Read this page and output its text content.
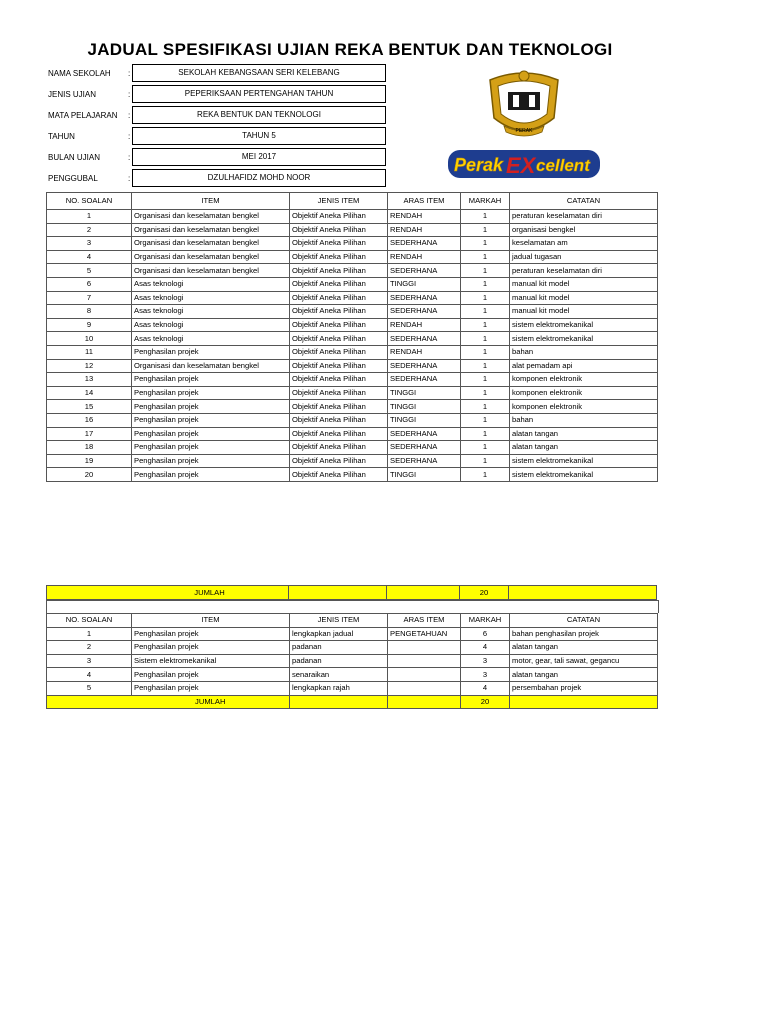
JADUAL SPESIFIKASI UJIAN REKA BENTUK DAN TEKNOLOGI
NAMA SEKOLAH	:	SEKOLAH KEBANGSAAN SERI KELEBANG
JENIS UJIAN	:	PEPERIKSAAN PERTENGAHAN TAHUN
MATA PELAJARAN	:	REKA BENTUK DAN TEKNOLOGI
TAHUN	:	TAHUN 5
BULAN UJIAN	:	MEI 2017
PENGGUBAL	:	DZULHAFIDZ MOHD NOOR
PERAK
Perak EX cellent
NO. SOALAN	ITEM	JENIS ITEM	ARAS ITEM	MARKAH	CATATAN
1	Organisasi dan keselamatan bengkel	Objektif Aneka Pilihan	RENDAH	1	peraturan keselamatan diri
2	Organisasi dan keselamatan bengkel	Objektif Aneka Pilihan	RENDAH	1	organisasi bengkel
3	Organisasi dan keselamatan bengkel	Objektif Aneka Pilihan	SEDERHANA	1	keselamatan am
4	Organisasi dan keselamatan bengkel	Objektif Aneka Pilihan	RENDAH	1	jadual tugasan
5	Organisasi dan keselamatan bengkel	Objektif Aneka Pilihan	SEDERHANA	1	peraturan keselamatan diri
6	Asas teknologi	Objektif Aneka Pilihan	TINGGI	1	manual kit model
7	Asas teknologi	Objektif Aneka Pilihan	SEDERHANA	1	manual kit model
8	Asas teknologi	Objektif Aneka Pilihan	SEDERHANA	1	manual kit model
9	Asas teknologi	Objektif Aneka Pilihan	RENDAH	1	sistem elektromekanikal
10	Asas teknologi	Objektif Aneka Pilihan	SEDERHANA	1	sistem elektromekanikal
11	Penghasilan projek	Objektif Aneka Pilihan	RENDAH	1	bahan
12	Organisasi dan keselamatan bengkel	Objektif Aneka Pilihan	SEDERHANA	1	alat pemadam api
13	Penghasilan projek	Objektif Aneka Pilihan	SEDERHANA	1	komponen elektronik
14	Penghasilan projek	Objektif Aneka Pilihan	TINGGI	1	komponen elektronik
15	Penghasilan projek	Objektif Aneka Pilihan	TINGGI	1	komponen elektronik
16	Penghasilan projek	Objektif Aneka Pilihan	TINGGI	1	bahan
17	Penghasilan projek	Objektif Aneka Pilihan	SEDERHANA	1	alatan tangan
18	Penghasilan projek	Objektif Aneka Pilihan	SEDERHANA	1	alatan tangan
19	Penghasilan projek	Objektif Aneka Pilihan	SEDERHANA	1	sistem elektromekanikal
20	Penghasilan projek	Objektif Aneka Pilihan	TINGGI	1	sistem elektromekanikal
	JUMLAH			20	
NO. SOALAN	ITEM	JENIS ITEM	ARAS ITEM	MARKAH	CATATAN
1	Penghasilan projek	lengkapkan jadual	PENGETAHUAN	6	bahan penghasilan projek
2	Penghasilan projek	padanan		4	alatan tangan
3	Sistem elektromekanikal	padanan		3	motor, gear, tali sawat, gegancu
4	Penghasilan projek	senaraikan		3	alatan tangan
5	Penghasilan projek	lengkapkan rajah		4	persembahan projek
	JUMLAH			20	
